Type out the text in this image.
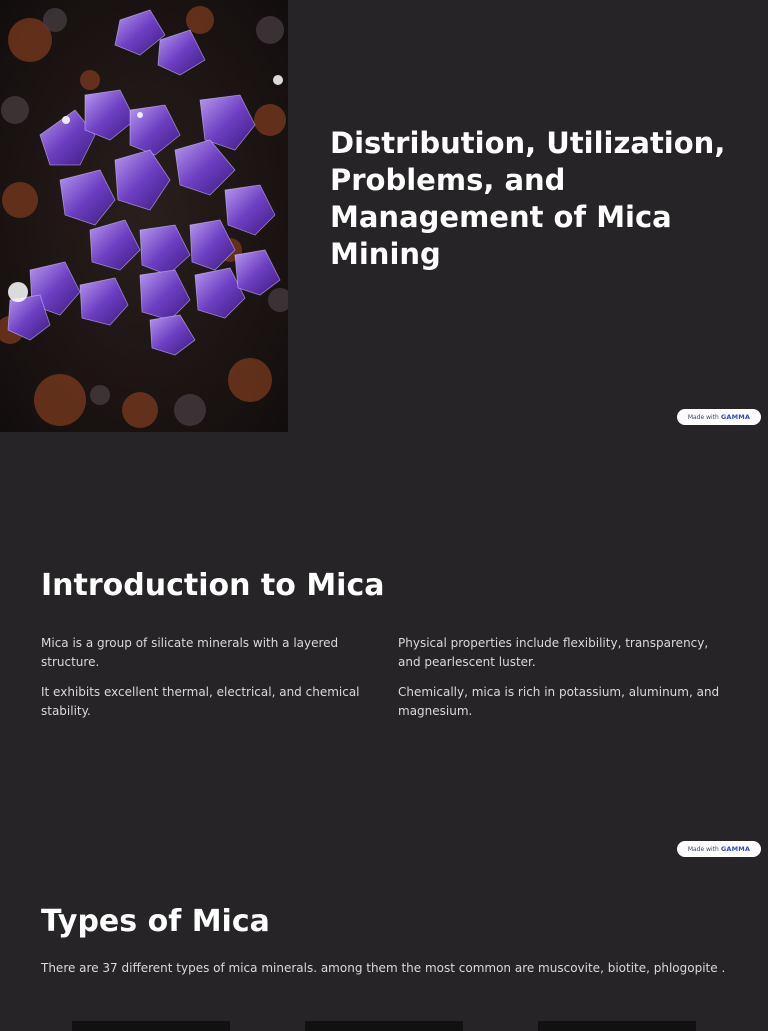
Distribution, Utilization, Problems, and Management of Mica Mining
Made with GAMMA
Introduction to Mica

Mica is a group of silicate minerals with a layered structure.

It exhibits excellent thermal, electrical, and chemical stability.

Physical properties include flexibility, transparency, and pearlescent luster.

Chemically, mica is rich in potassium, aluminum, and magnesium.

Made with GAMMA
Types of Mica

There are 37 different types of mica minerals. among them the most common are muscovite, biotite, phlogopite .
